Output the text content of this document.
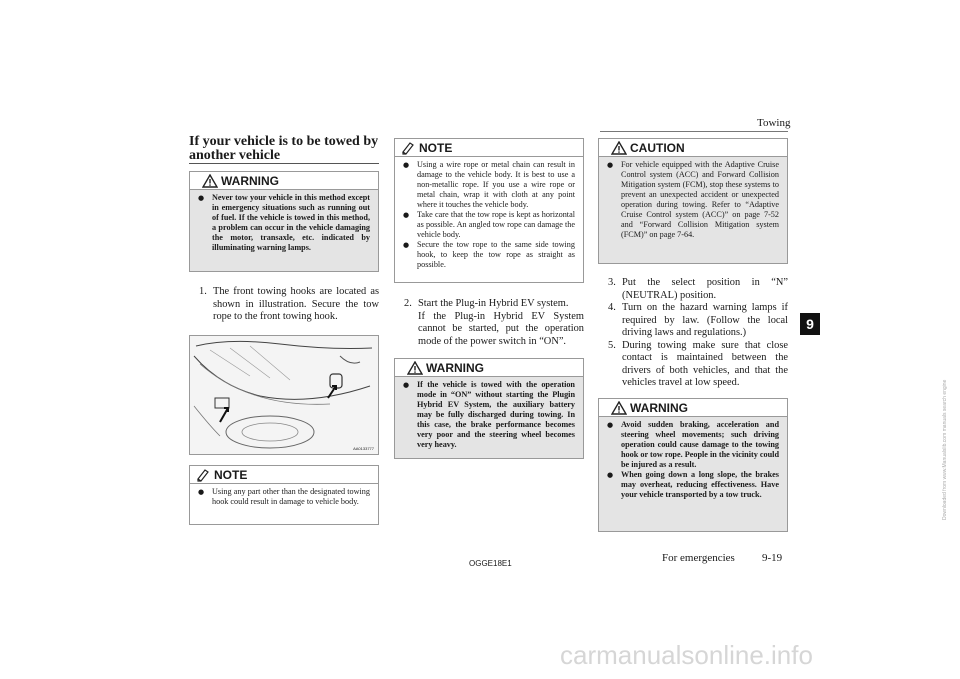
Towing
9
If your vehicle is to be towed by another vehicle
WARNING
● Never tow your vehicle in this method except in emergency situations such as running out of fuel. If the vehicle is towed in this method, a problem can occur in the vehicle damaging the motor, transaxle, etc. indicated by illuminating warning lamps.
1. The front towing hooks are located as shown in illustration. Secure the tow rope to the front towing hook.
AA0133777
NOTE
● Using any part other than the designated towing hook could result in damage to vehicle body.
NOTE
● Using a wire rope or metal chain can result in damage to the vehicle body. It is best to use a non-metallic rope. If you use a wire rope or metal chain, wrap it with cloth at any point where it touches the vehicle body.
● Take care that the tow rope is kept as horizontal as possible. An angled tow rope can damage the vehicle body.
● Secure the tow rope to the same side towing hook, to keep the tow rope as straight as possible.
2. Start the Plug-in Hybrid EV system.
If the Plug-in Hybrid EV System cannot be started, put the operation mode of the power switch in “ON”.
WARNING
● If the vehicle is towed with the operation mode in “ON” without starting the Plugin Hybrid EV System, the auxiliary battery may be fully discharged during towing. In this case, the brake performance becomes very poor and the steering wheel becomes very heavy.
CAUTION
● For vehicle equipped with the Adaptive Cruise Control system (ACC) and Forward Collision Mitigation system (FCM), stop these systems to prevent an unexpected accident or unexpected operation during towing. Refer to “Adaptive Cruise Control system (ACC)” on page 7-52 and “Forward Collision Mitigation system (FCM)” on page 7-64.
3. Put the select position in “N” (NEUTRAL) position.
4. Turn on the hazard warning lamps if required by law. (Follow the local driving laws and regulations.)
5. During towing make sure that close contact is maintained between the drivers of both vehicles, and that the vehicles travel at low speed.
WARNING
● Avoid sudden braking, acceleration and steering wheel movements; such driving operation could cause damage to the towing hook or tow rope. People in the vicinity could be injured as a result.
● When going down a long slope, the brakes may overheat, reducing effectiveness. Have your vehicle transported by a tow truck.
OGGE18E1	For emergencies 9-19
carmanualsonline.info
Downloaded from www.Manualslib.com manuals search engine
